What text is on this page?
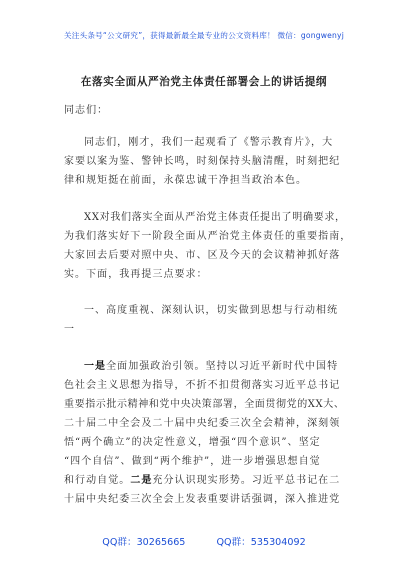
关注头条号“公文研究”，获得最新最全最专业的公文资料库！ 微信：gongwenyj
在落实全面从严治党主体责任部署会上的讲话提纲
同志们：
同志们，刚才，我们一起观看了《警示教育片》，大
家要以案为鉴、警钟长鸣，时刻保持头脑清醒，时刻把纪
律和规矩挺在前面，永葆忠诚干净担当政治本色。
XX对我们落实全面从严治党主体责任提出了明确要求，
为我们落实好下一阶段全面从严治党主体责任的重要指南，
大家回去后要对照中央、市、区及今天的会议精神抓好落
实。下面，我再提三点要求：
一、高度重视、深刻认识，切实做到思想与行动相统
一
一是全面加强政治引领。坚持以习近平新时代中国特
色社会主义思想为指导，不折不扣贯彻落实习近平总书记
重要指示批示精神和党中央决策部署，全面贯彻党的XX大、
二十届二中全会及二十届中央纪委三次全会精神，深刻领
悟“两个确立”的决定性意义，增强“四个意识”、坚定
“四个自信”、做到“两个维护”，进一步增强思想自觉
和行动自觉。二是充分认识现实形势。习近平总书记在二
十届中央纪委三次全会上发表重要讲话强调，深入推进党
QQ群：30265665	QQ群：535304092
